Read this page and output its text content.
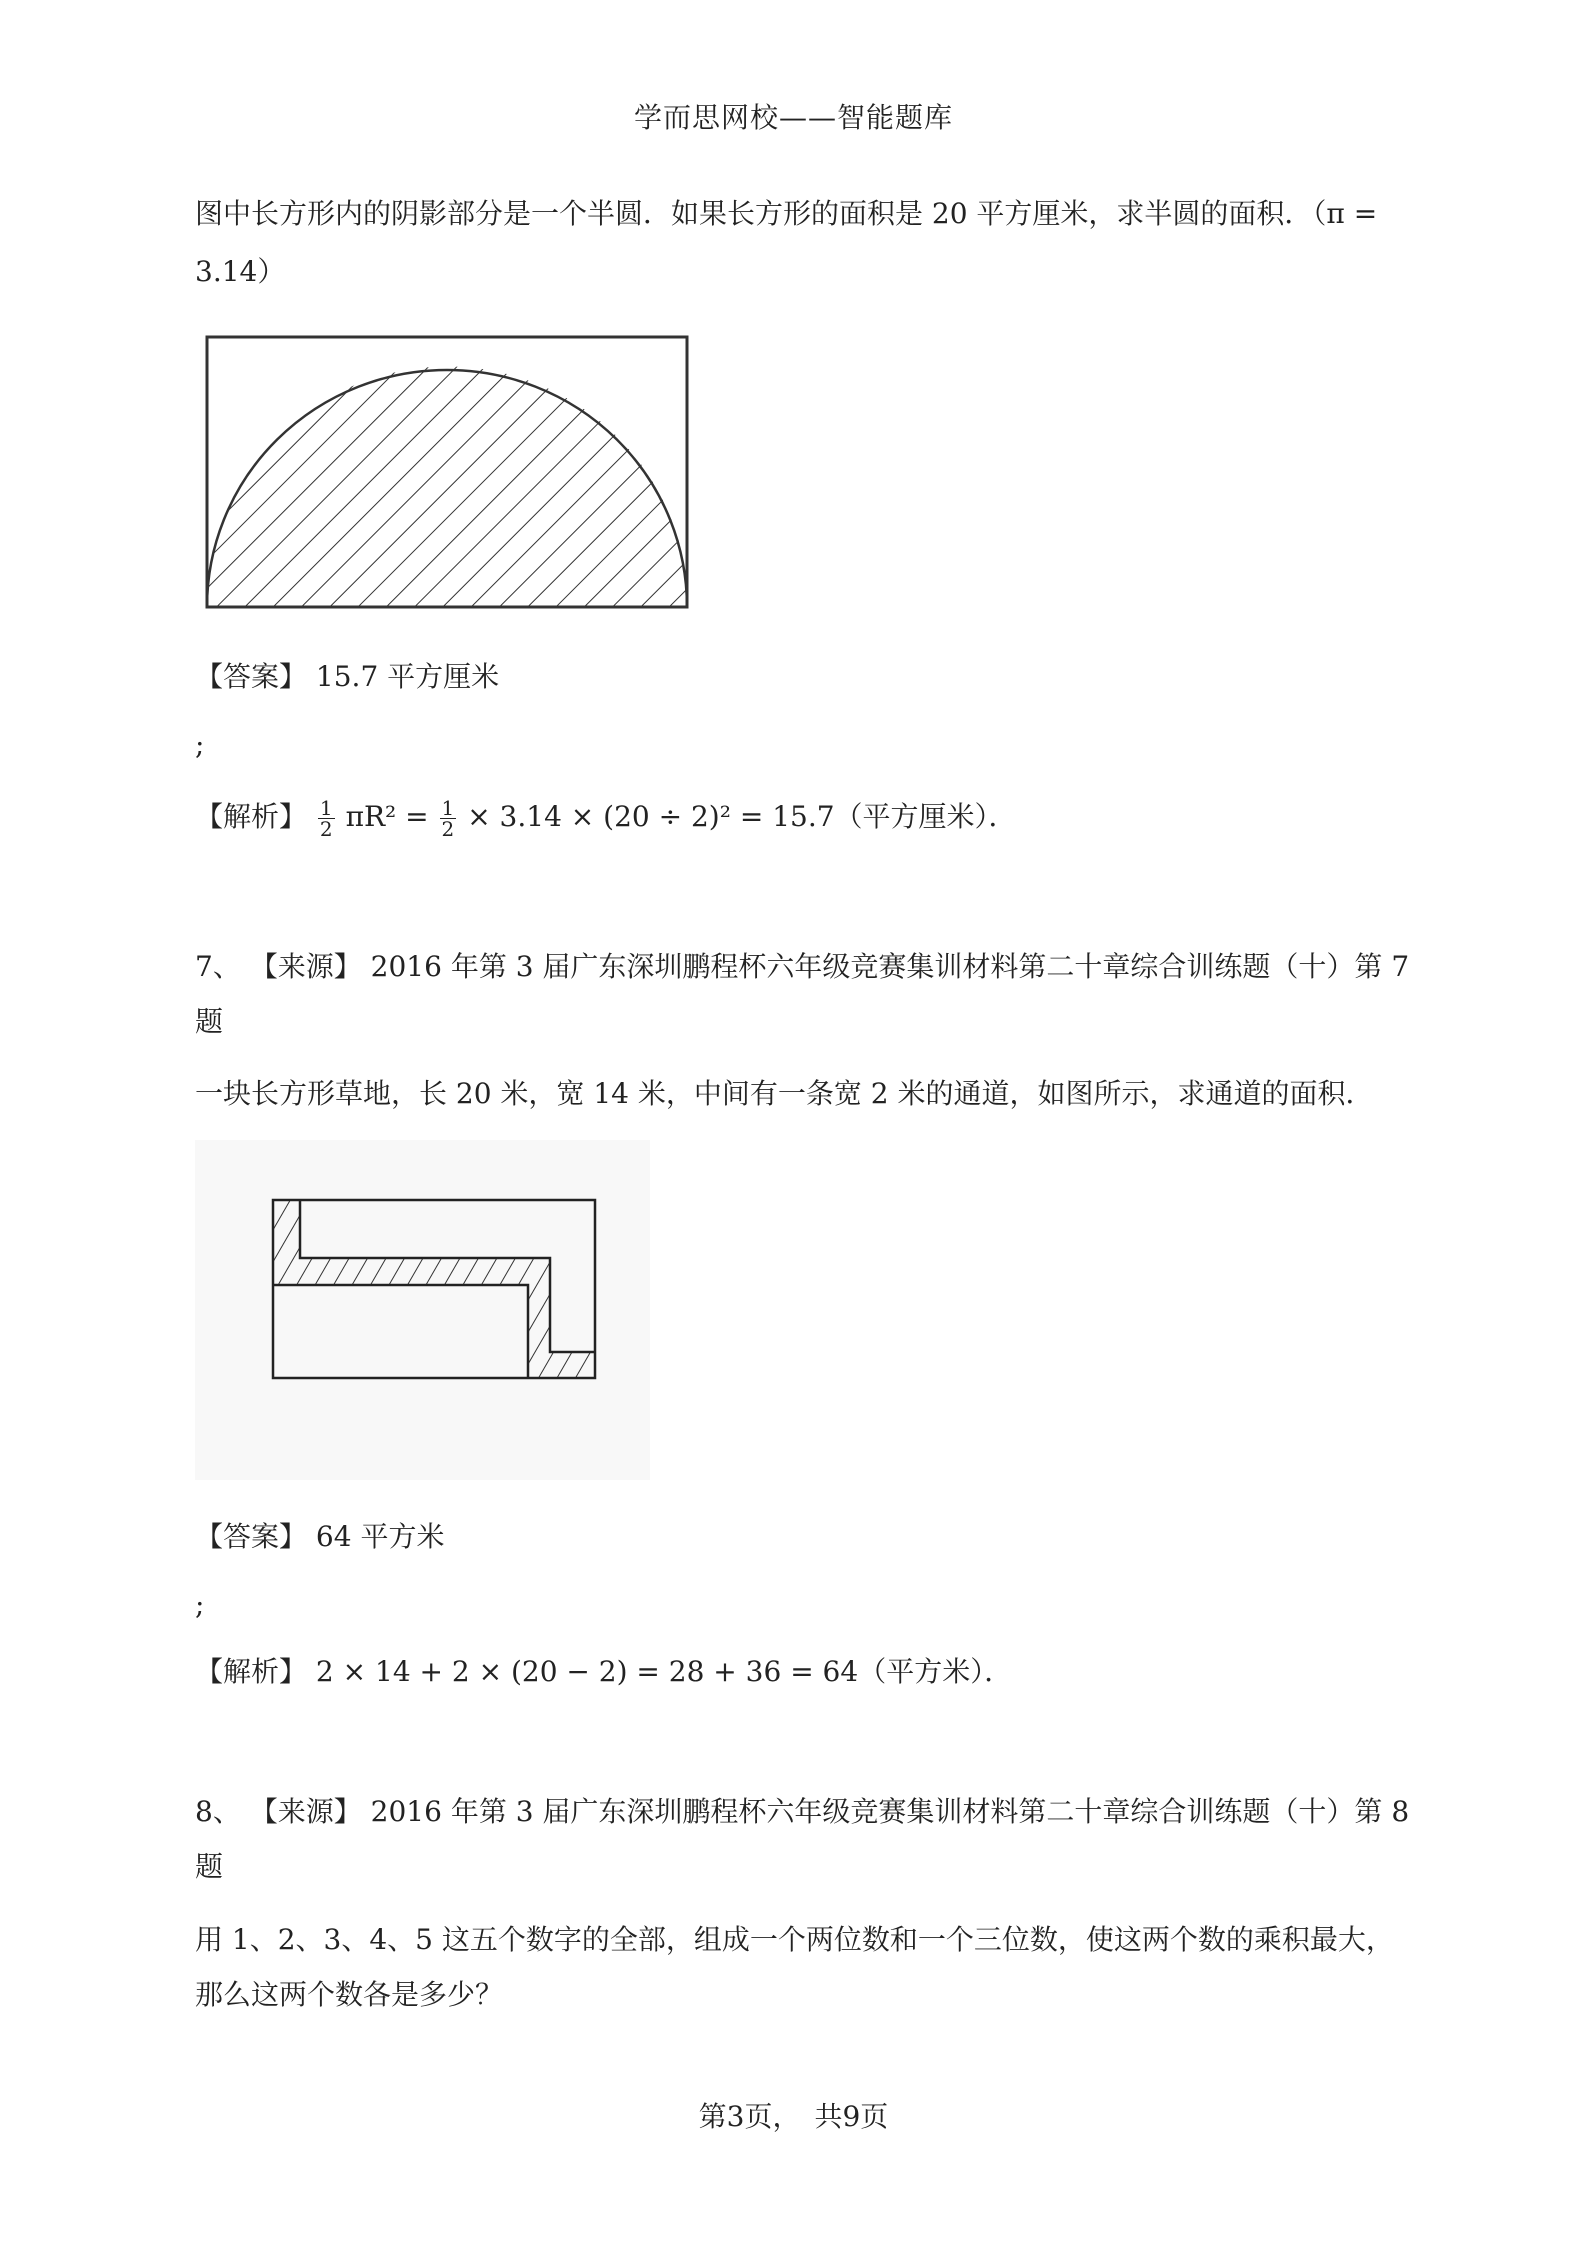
学而思网校——智能题库
图中长方形内的阴影部分是一个半圆．如果长方形的面积是 20 平方厘米，求半圆的面积．（π =
3.14）
【答案】 15.7 平方厘米
;
【解析】 $\frac{1}{2} \pi R^2 = \frac{1}{2} \times 3.14 \times (20 \div 2)^2 = 15.7$（平方厘米）．
7、 【来源】 2016 年第 3 届广东深圳鹏程杯六年级竞赛集训材料第二十章综合训练题（十）第 7
题
一块长方形草地，长 20 米，宽 14 米，中间有一条宽 2 米的通道，如图所示，求通道的面积．
【答案】 64 平方米
;
【解析】 2 × 14 + 2 × (20 − 2) = 28 + 36 = 64（平方米）．
8、 【来源】 2016 年第 3 届广东深圳鹏程杯六年级竞赛集训材料第二十章综合训练题（十）第 8
题
用 1、2、3、4、5 这五个数字的全部，组成一个两位数和一个三位数，使这两个数的乘积最大，
那么这两个数各是多少？
第3页，　共9页
